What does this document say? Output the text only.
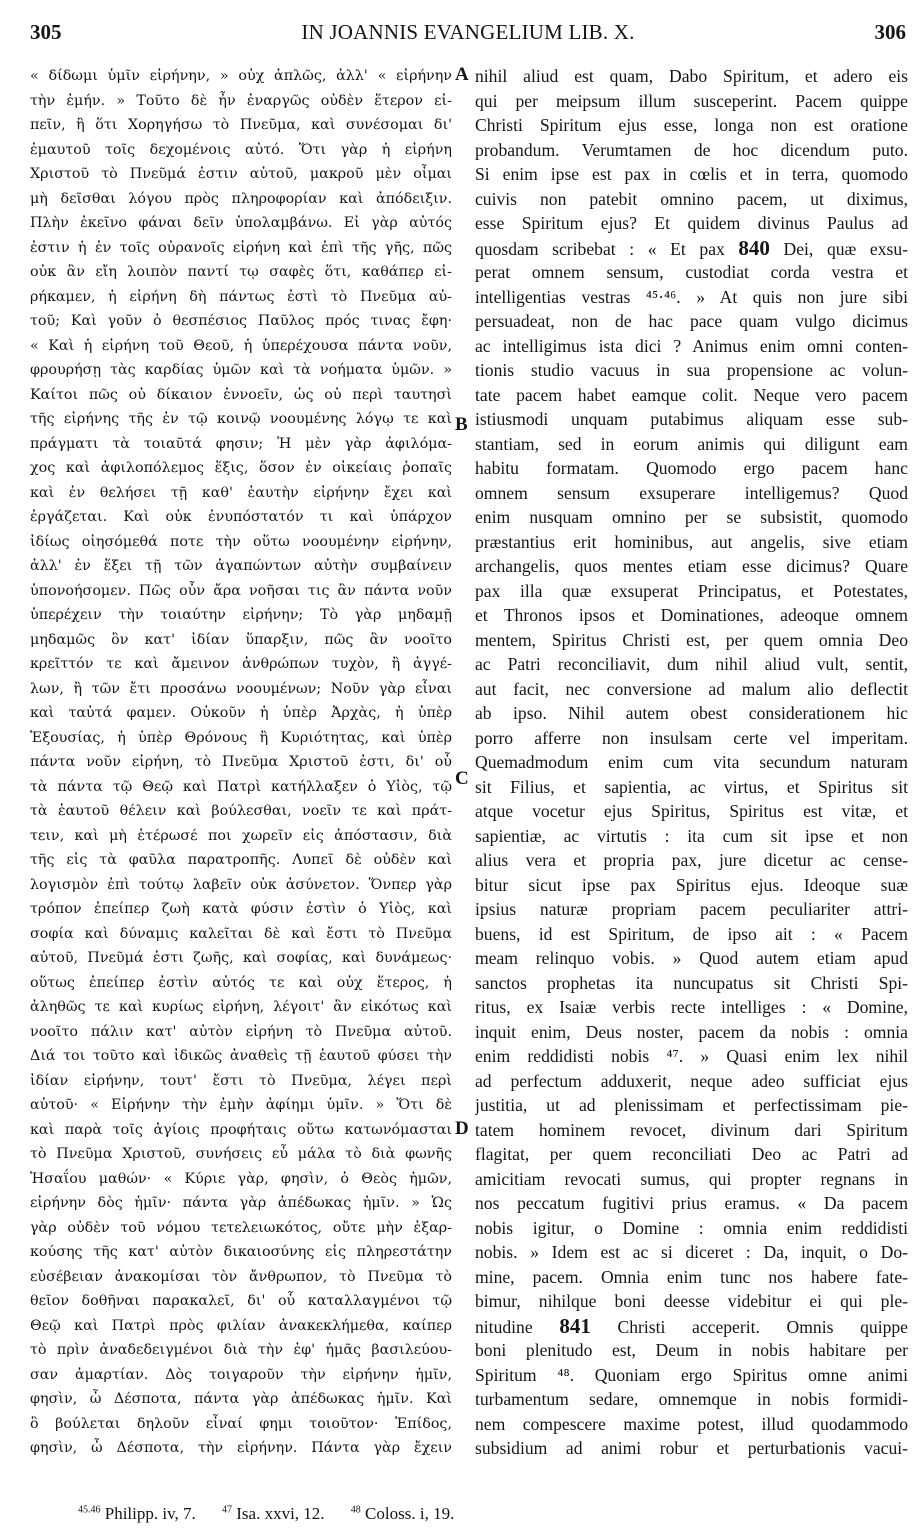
305	IN JOANNIS EVANGELIUM LIB. X.	306
« δίδωμι ὑμῖν εἰρήνην, » οὐχ ἁπλῶς, ἀλλ' « εἰρήνην
τὴν ἐμήν. » Τοῦτο δὲ ἦν ἐναργῶς οὐδὲν ἕτερον εἰ-
πεῖν, ἢ ὅτι Χορηγήσω τὸ Πνεῦμα, καὶ συνέσομαι δι'
ἐμαυτοῦ τοῖς δεχομένοις αὐτό. Ὅτι γὰρ ἡ εἰρήνη
Χριστοῦ τὸ Πνεῦμά ἐστιν αὐτοῦ, μακροῦ μὲν οἶμαι
μὴ δεῖσθαι λόγου πρὸς πληροφορίαν καὶ ἀπόδειξιν.
Πλὴν ἐκεῖνο φάναι δεῖν ὑπολαμβάνω. Εἰ γὰρ αὐτός
ἐστιν ἡ ἐν τοῖς οὐρανοῖς εἰρήνη καὶ ἐπὶ τῆς γῆς, πῶς
οὐκ ἂν εἴη λοιπὸν παντί τῳ σαφὲς ὅτι, καθάπερ εἰ-
ρήκαμεν, ἡ εἰρήνη δὴ πάντως ἐστὶ τὸ Πνεῦμα αὐ-
τοῦ; Καὶ γοῦν ὁ θεσπέσιος Παῦλος πρός τινας ἔφη·
« Καὶ ἡ εἰρήνη τοῦ Θεοῦ, ἡ ὑπερέχουσα πάντα νοῦν,
φρουρήσῃ τὰς καρδίας ὑμῶν καὶ τὰ νοήματα ὑμῶν. »
Καίτοι πῶς οὐ δίκαιον ἐννοεῖν, ὡς οὐ περὶ ταυτησὶ
τῆς εἰρήνης τῆς ἐν τῷ κοινῷ νοουμένης λόγῳ τε καὶ
πράγματι τὰ τοιαῦτά φησιν; Ἡ μὲν γὰρ ἀφιλόμα-
χος καὶ ἀφιλοπόλεμος ἕξις, ὅσον ἐν οἰκείαις ῥοπαῖς
καὶ ἐν θελήσει τῇ καθ' ἑαυτὴν εἰρήνην ἔχει καὶ
ἐργάζεται. Καὶ οὐκ ἐνυπόστατόν τι καὶ ὑπάρχον
ἰδίως οἰησόμεθά ποτε τὴν οὕτω νοουμένην εἰρήνην,
ἀλλ' ἐν ἕξει τῇ τῶν ἀγαπώντων αὐτὴν συμβαίνειν
ὑπονοήσομεν. Πῶς οὖν ἄρα νοῆσαι τις ἂν πάντα νοῦν
ὑπερέχειν τὴν τοιαύτην εἰρήνην; Τὸ γὰρ μηδαμῇ
μηδαμῶς ὂν κατ' ἰδίαν ὕπαρξιν, πῶς ἂν νοοῖτο
κρεῖττόν τε καὶ ἄμεινον ἀνθρώπων τυχὸν, ἢ ἀγγέ-
λων, ἢ τῶν ἔτι προσάνω νοουμένων; Νοῦν γὰρ εἶναι
καὶ ταὐτά φαμεν. Οὐκοῦν ἡ ὑπὲρ Ἀρχὰς, ἡ ὑπὲρ
Ἐξουσίας, ἡ ὑπὲρ Θρόνους ἢ Κυριότητας, καὶ ὑπὲρ
πάντα νοῦν εἰρήνη, τὸ Πνεῦμα Χριστοῦ ἐστι, δι' οὗ
τὰ πάντα τῷ Θεῷ καὶ Πατρὶ κατήλλαξεν ὁ Υἱὸς, τῷ
τὰ ἑαυτοῦ θέλειν καὶ βούλεσθαι, νοεῖν τε καὶ πράτ-
τειν, καὶ μὴ ἑτέρωσέ ποι χωρεῖν εἰς ἀπόστασιν, διὰ
τῆς εἰς τὰ φαῦλα παρατροπῆς. Λυπεῖ δὲ οὐδὲν καὶ
λογισμὸν ἐπὶ τούτῳ λαβεῖν οὐκ ἀσύνετον. Ὅνπερ γὰρ
τρόπον ἐπείπερ ζωὴ κατὰ φύσιν ἐστὶν ὁ Υἱὸς, καὶ
σοφία καὶ δύναμις καλεῖται δὲ καὶ ἔστι τὸ Πνεῦμα
αὐτοῦ, Πνεῦμά ἐστι ζωῆς, καὶ σοφίας, καὶ δυνάμεως·
οὕτως ἐπείπερ ἐστὶν αὐτός τε καὶ οὐχ ἕτερος, ἡ
ἀληθῶς τε καὶ κυρίως εἰρήνη, λέγοιτ' ἂν εἰκότως καὶ
νοοῖτο πάλιν κατ' αὐτὸν εἰρήνη τὸ Πνεῦμα αὐτοῦ.
Διά τοι τοῦτο καὶ ἰδικῶς ἀναθεὶς τῇ ἑαυτοῦ φύσει τὴν
ἰδίαν εἰρήνην, τουτ' ἔστι τὸ Πνεῦμα, λέγει περὶ
αὐτοῦ· « Εἰρήνην τὴν ἐμὴν ἀφίημι ὑμῖν. » Ὅτι δὲ
καὶ παρὰ τοῖς ἁγίοις προφήταις οὕτω κατωνόμασται
τὸ Πνεῦμα Χριστοῦ, συνήσεις εὖ μάλα τὸ διὰ φωνῆς
Ἡσαΐου μαθών· « Κύριε γὰρ, φησὶν, ὁ Θεὸς ἡμῶν,
εἰρήνην δὸς ἡμῖν· πάντα γὰρ ἀπέδωκας ἡμῖν. » Ὡς
γὰρ οὐδὲν τοῦ νόμου τετελειωκότος, οὔτε μὴν ἐξαρ-
κούσης τῆς κατ' αὐτὸν δικαιοσύνης εἰς πληρεστάτην
εὐσέβειαν ἀνακομίσαι τὸν ἄνθρωπον, τὸ Πνεῦμα τὸ
θεῖον δοθῆναι παρακαλεῖ, δι' οὗ καταλλαγμένοι τῷ
Θεῷ καὶ Πατρὶ πρὸς φιλίαν ἀνακεκλήμεθα, καίπερ
τὸ πρὶν ἀναδεδειγμένοι διὰ τὴν ἐφ' ἡμᾶς βασιλεύου-
σαν ἁμαρτίαν. Δὸς τοιγαροῦν τὴν εἰρήνην ἡμῖν,
φησὶν, ὦ Δέσποτα, πάντα γὰρ ἀπέδωκας ἡμῖν. Καὶ
ὃ βούλεται δηλοῦν εἶναί φημι τοιοῦτον· Ἐπίδος,
φησὶν, ὦ Δέσποτα, τὴν εἰρήνην. Πάντα γὰρ ἔχειν
A
B
C
D
nihil aliud est quam, Dabo Spiritum, et adero eis
qui per meipsum illum susceperint. Pacem quippe
Christi Spiritum ejus esse, longa non est oratione
probandum. Verumtamen de hoc dicendum puto.
Si enim ipse est pax in cœlis et in terra, quomodo
cuivis non patebit omnino pacem, ut diximus,
esse Spiritum ejus? Et quidem divinus Paulus ad
quosdam scribebat : « Et pax 840 Dei, quæ exsu-
perat omnem sensum, custodiat corda vestra et
intelligentias vestras ⁴⁵·⁴⁶. » At quis non jure sibi
persuadeat, non de hac pace quam vulgo dicimus
ac intelligimus ista dici ? Animus enim omni conten-
tionis studio vacuus in sua propensione ac volun-
tate pacem habet eamque colit. Neque vero pacem
istiusmodi unquam putabimus aliquam esse sub-
stantiam, sed in eorum animis qui diligunt eam
habitu formatam. Quomodo ergo pacem hanc
omnem sensum exsuperare intelligemus? Quod
enim nusquam omnino per se subsistit, quomodo
præstantius erit hominibus, aut angelis, sive etiam
archangelis, quos mentes etiam esse dicimus? Quare
pax illa quæ exsuperat Principatus, et Potestates,
et Thronos ipsos et Dominationes, adeoque omnem
mentem, Spiritus Christi est, per quem omnia Deo
ac Patri reconciliavit, dum nihil aliud vult, sentit,
aut facit, nec conversione ad malum alio deflectit
ab ipso. Nihil autem obest considerationem hic
porro afferre non insulsam certe vel imperitam.
Quemadmodum enim cum vita secundum naturam
sit Filius, et sapientia, ac virtus, et Spiritus sit
atque vocetur ejus Spiritus, Spiritus est vitæ, et
sapientiæ, ac virtutis : ita cum sit ipse et non
alius vera et propria pax, jure dicetur ac cense-
bitur sicut ipse pax Spiritus ejus. Ideoque suæ
ipsius naturæ propriam pacem peculiariter attri-
buens, id est Spiritum, de ipso ait : « Pacem
meam relinquo vobis. » Quod autem etiam apud
sanctos prophetas ita nuncupatus sit Christi Spi-
ritus, ex Isaiæ verbis recte intelliges : « Domine,
inquit enim, Deus noster, pacem da nobis : omnia
enim reddidisti nobis ⁴⁷. » Quasi enim lex nihil
ad perfectum adduxerit, neque adeo sufficiat ejus
justitia, ut ad plenissimam et perfectissimam pie-
tatem hominem revocet, divinum dari Spiritum
flagitat, per quem reconciliati Deo ac Patri ad
amicitiam revocati sumus, qui propter regnans in
nos peccatum fugitivi prius eramus. « Da pacem
nobis igitur, o Domine : omnia enim reddidisti
nobis. » Idem est ac si diceret : Da, inquit, o Do-
mine, pacem. Omnia enim tunc nos habere fate-
bimur, nihilque boni deesse videbitur ei qui ple-
nitudine 841 Christi acceperit. Omnis quippe
boni plenitudo est, Deum in nobis habitare per
Spiritum ⁴⁸. Quoniam ergo Spiritus omne animi
turbamentum sedare, omnemque in nobis formidi-
nem compescere maxime potest, illud quodammodo
subsidium ad animi robur et perturbationis vacui-
$^{45.46}$ Philipp. iv, 7.	$^{47}$ Isa. xxvi, 12.	$^{48}$ Coloss. i, 19.
